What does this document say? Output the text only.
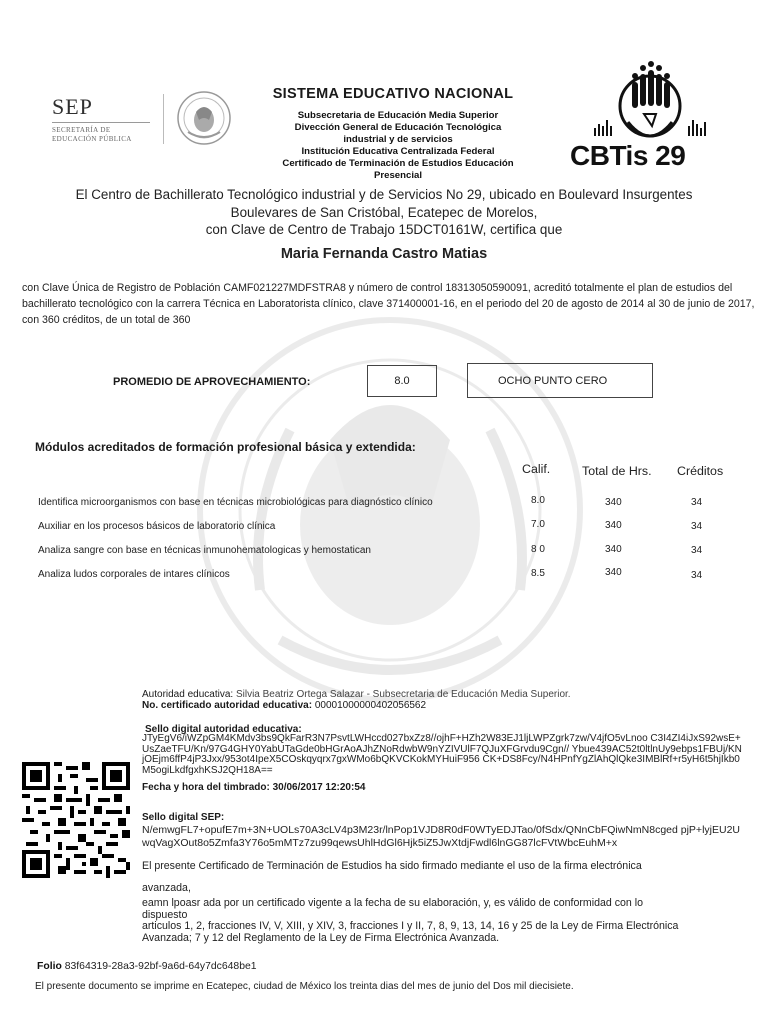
SEP
SECRETARÍA DE
EDUCACIÓN PÚBLICA
SISTEMA EDUCATIVO NACIONAL
Subsecretaria de Educación Media Superior
Divección General de Educación Tecnológica
industrial y de servicios
Institución Educativa Centralizada Federal
Certificado de Terminación de Estudios Educación
Presencial
CBTis 29
El Centro de Bachillerato Tecnológico industrial y de Servicios No 29, ubicado en Boulevard Insurgentes
Boulevares de San Cristóbal, Ecatepec de Morelos,
con Clave de Centro de Trabajo 15DCT0161W, certifica que
Maria Fernanda Castro Matias
con Clave Única de Registro de Población CAMF021227MDFSTRA8 y número de control 18313050590091, acreditó totalmente el plan de estudios del bachillerato tecnológico con la carrera Técnica en Laboratorista clínico, clave 371400001-16, en el periodo del 20 de agosto de 2014 al 30 de junio de 2017, con 360 créditos, de un total de 360
PROMEDIO DE APROVECHAMIENTO:	8.0	OCHO PUNTO CERO
Módulos acreditados de formación profesional básica y extendida:
Calif.	Total de Hrs. Créditos
Identifica microorganismos con base en técnicas microbiológicas para diagnóstico clínico	8.0	340	34
Auxiliar en los procesos básicos de laboratorio clínica	7.0	340	34
Analiza sangre con base en técnicas inmunohematologicas y hemostatican	8 0	340	34
Analiza ludos corporales de intares clínicos	8.5	340	34
Autoridad educativa: Silvia Beatriz Ortega Salazar - Subsecretaria de Educación Media Superior.
No. certificado autoridad educativa: 00001000000402056562
Sello digital autoridad educativa:
JTyEgV6/iWZpGM4KMdv3bs9QkFarR3N7PsvtLWHccd027bxZz8//ojhF+HZh2W83EJ1ljLWPZgrk7zw/V4jfO5vLnoo C3I4ZI4iJxS92wsE+UsZaeTFU/Kn/97G4GHY0YabUTaGde0bHGrAoAJhZNoRdwbW9nYZIVUlF7QJuXFGrvdu9Cgn// Ybue439AC52t0ltlnUy9ebps1FBUj/KNjOEjm6ffP4jP3Jxx/953ot4IpeX5COskqyqrx7gxWMo6bQKVCKokMYHuiF956 CK+DS8Fcy/N4HPnfYgZlAhQlQke3IMBlRf+r5yH6t5hjIkb0M5ogiLkdfgxhKSJ2QH18A==
Fecha y hora del timbrado: 30/06/2017 12:20:54
Sello digital SEP:
N/emwgFL7+opufE7m+3N+UOLs70A3cLV4p3M23r/lnPop1VJD8R0dF0WTyEDJTao/0fSdx/QNnCbFQiwNmN8cged pjP+lyjEU2UwqVagXOut8o5Zmfa3Y76o5mMTz7zu99qewsUhlHdGl6Hjk5iZ5JwXtdjFwdl6lnGG87lcFVtWbcEuhM+x
El presente Certificado de Terminación de Estudios ha sido firmado mediante el uso de la firma electrónica
avanzada,
eamn lpoasr ada por un certificado vigente a la fecha de su elaboración, y, es válido de conformidad con lo
dispuesto
articulos 1, 2, fracciones IV, V, XIII, y XIV, 3, fracciones I y II, 7, 8, 9, 13, 14, 16 y 25 de la Ley de Firma Electrónica
Avanzada; 7 y 12 del Reglamento de la Ley de Firma Electrónica Avanzada.
Folio 83f64319-28a3-92bf-9a6d-64y7dc648be1
El presente documento se imprime en Ecatepec, ciudad de México los treinta dias del mes de junio del Dos mil diecisiete.
